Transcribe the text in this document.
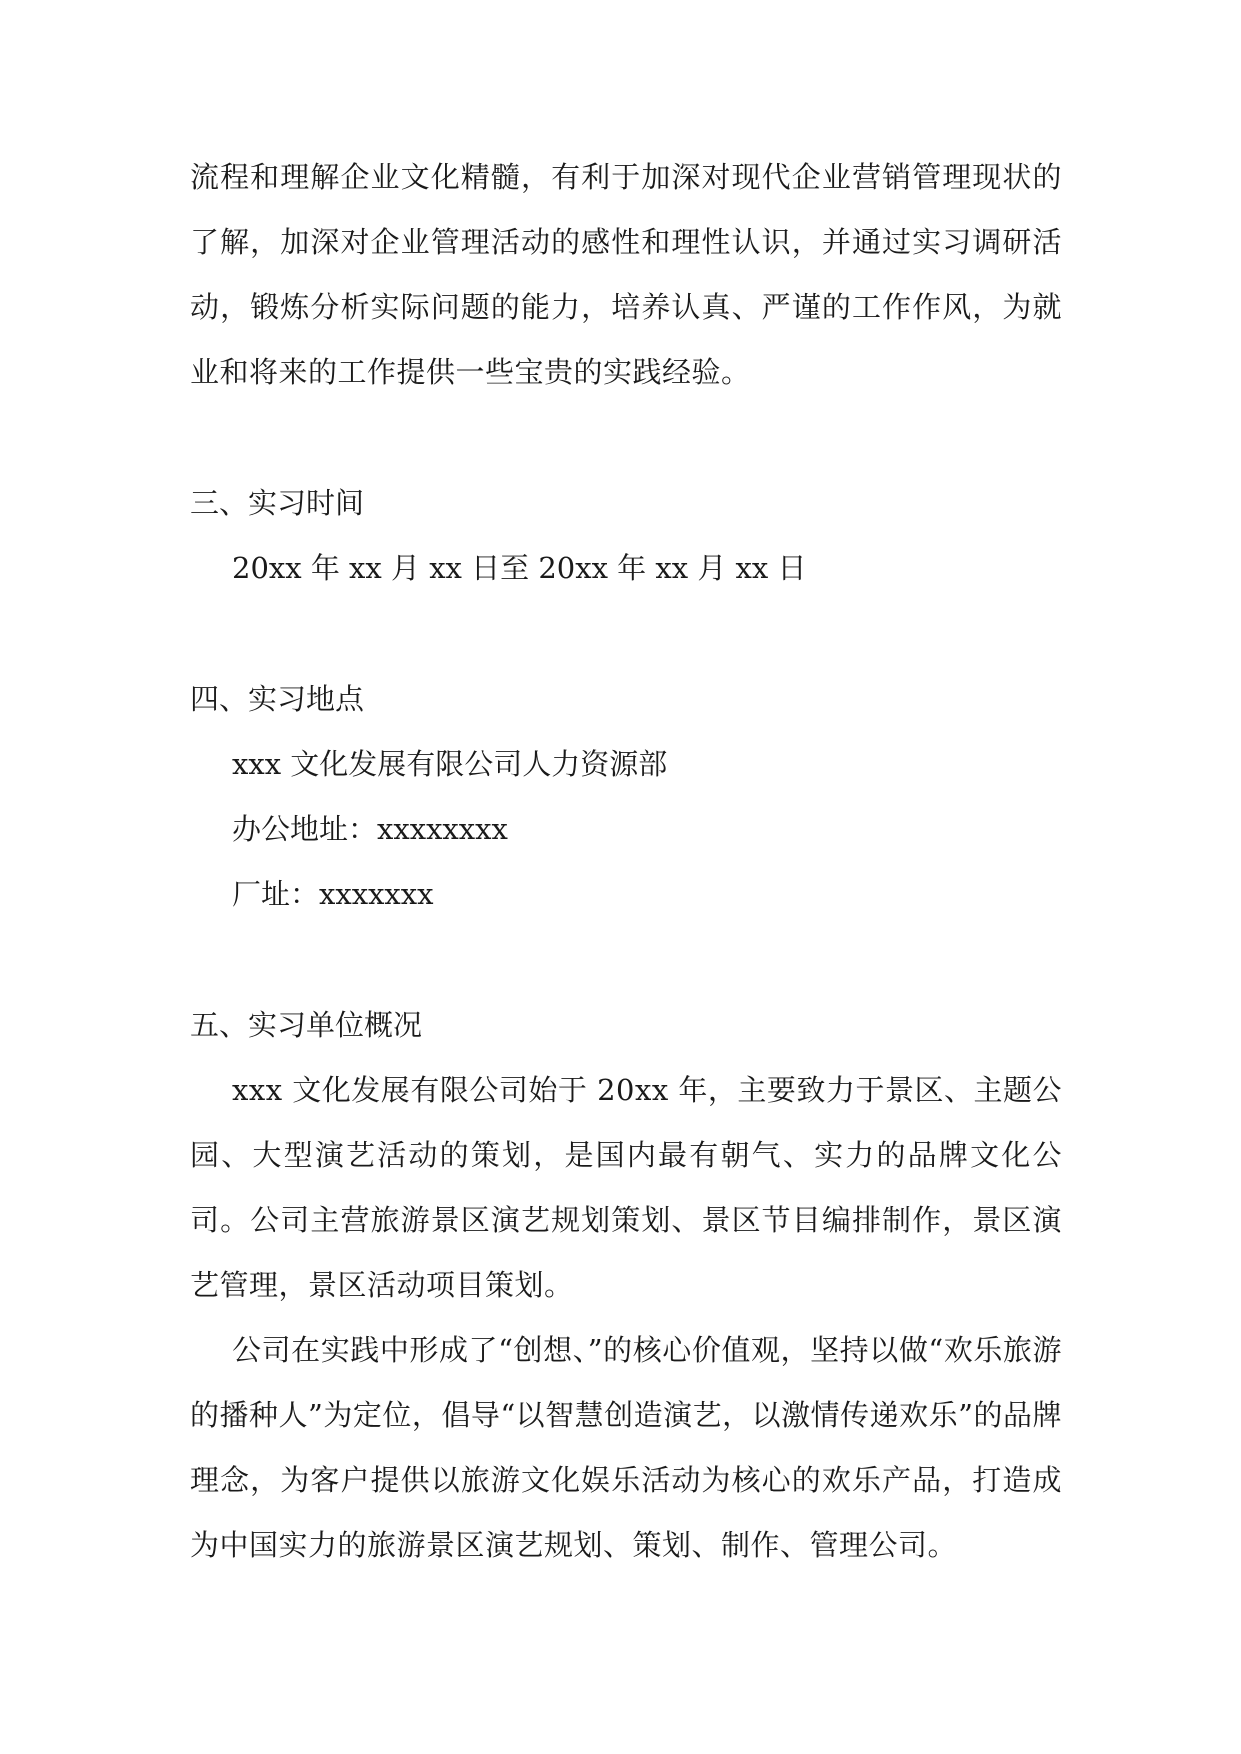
流程和理解企业文化精髓，有利于加深对现代企业营销管理现状的了解，加深对企业管理活动的感性和理性认识，并通过实习调研活动，锻炼分析实际问题的能力，培养认真、严谨的工作作风，为就业和将来的工作提供一些宝贵的实践经验。

三、实习时间

20xx 年 xx 月 xx 日至 20xx 年 xx 月 xx 日

四、实习地点

xxx 文化发展有限公司人力资源部

办公地址：xxxxxxxx

厂址：xxxxxxx

五、实习单位概况

xxx 文化发展有限公司始于 20xx 年，主要致力于景区、主题公园、大型演艺活动的策划，是国内最有朝气、实力的品牌文化公司。公司主营旅游景区演艺规划策划、景区节目编排制作，景区演艺管理，景区活动项目策划。

公司在实践中形成了“创想、”的核心价值观，坚持以做“欢乐旅游的播种人”为定位，倡导“以智慧创造演艺，以激情传递欢乐”的品牌理念，为客户提供以旅游文化娱乐活动为核心的欢乐产品，打造成为中国实力的旅游景区演艺规划、策划、制作、管理公司。
